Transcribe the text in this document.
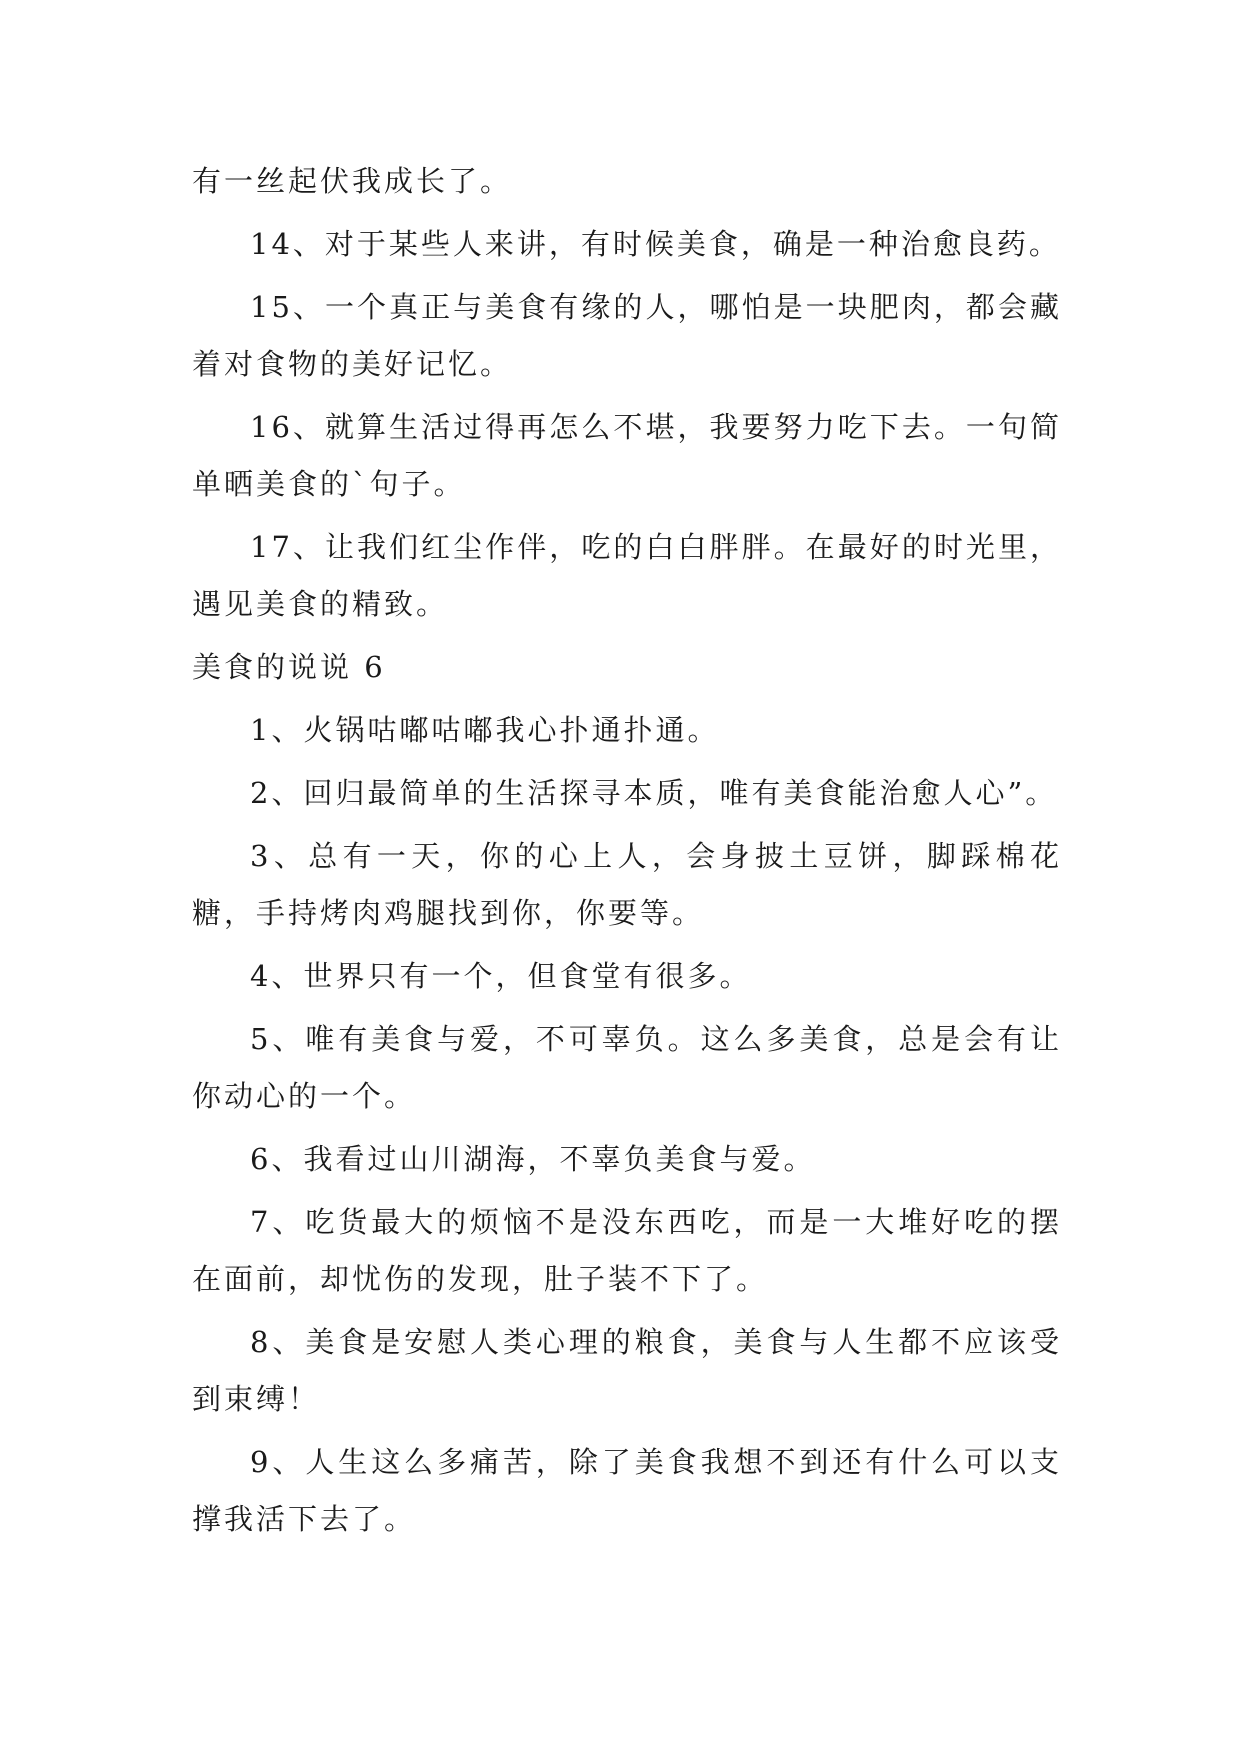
有一丝起伏我成长了。

14、对于某些人来讲，有时候美食，确是一种治愈良药。

15、一个真正与美食有缘的人，哪怕是一块肥肉，都会藏着对食物的美好记忆。

16、就算生活过得再怎么不堪，我要努力吃下去。一句简单晒美食的`句子。

17、让我们红尘作伴，吃的白白胖胖。在最好的时光里，遇见美食的精致。

美食的说说 6

1、火锅咕嘟咕嘟我心扑通扑通。

2、回归最简单的生活探寻本质，唯有美食能治愈人心”。

3、总有一天，你的心上人，会身披土豆饼，脚踩棉花糖，手持烤肉鸡腿找到你，你要等。

4、世界只有一个，但食堂有很多。

5、唯有美食与爱，不可辜负。这么多美食，总是会有让你动心的一个。

6、我看过山川湖海，不辜负美食与爱。

7、吃货最大的烦恼不是没东西吃，而是一大堆好吃的摆在面前，却忧伤的发现，肚子装不下了。

8、美食是安慰人类心理的粮食，美食与人生都不应该受到束缚！

9、人生这么多痛苦，除了美食我想不到还有什么可以支撑我活下去了。
